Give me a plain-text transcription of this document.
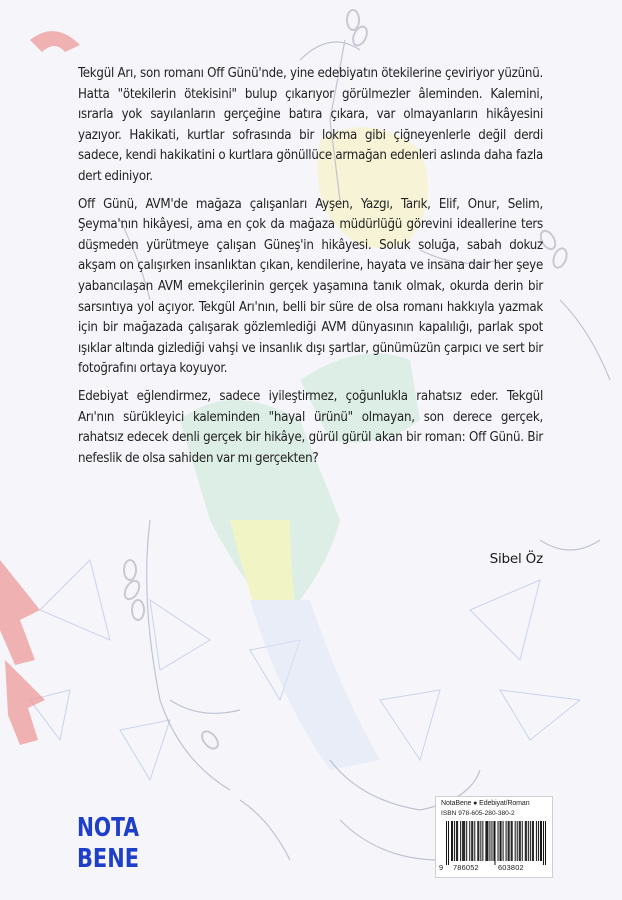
Tekgül Arı, son romanı Off Günü'nde, yine edebiyatın ötekilerine çeviriyor yüzünü. Hatta "ötekilerin ötekisini" bulup çıkarıyor görülmezler âleminden. Kalemini, ısrarla yok sayılanların gerçeğine batıra çıkara, var olmayanların hikâyesini yazıyor. Hakikati, kurtlar sofrasında bir lokma gibi çiğneyenlerle değil derdi sadece, kendi hakikatini o kurtlara gönüllüce armağan edenleri aslında daha fazla dert ediniyor.

Off Günü, AVM'de mağaza çalışanları Ayşen, Yazgı, Tarık, Elif, Onur, Selim, Şeyma'nın hikâyesi, ama en çok da mağaza müdürlüğü görevini ideallerine ters düşmeden yürütmeye çalışan Güneş'in hikâyesi. Soluk soluğa, sabah dokuz akşam on çalışırken insanlıktan çıkan, kendilerine, hayata ve insana dair her şeye yabancılaşan AVM emekçilerinin gerçek yaşamına tanık olmak, okurda derin bir sarsıntıya yol açıyor. Tekgül Arı'nın, belli bir süre de olsa romanı hakkıyla yazmak için bir mağazada çalışarak gözlemlediği AVM dünyasının kapalılığı, parlak spot ışıklar altında gizlediği vahşi ve insanlık dışı şartlar, günümüzün çarpıcı ve sert bir fotoğrafını ortaya koyuyor.

Edebiyat eğlendirmez, sadece iyileştirmez, çoğunlukla rahatsız eder. Tekgül Arı'nın sürükleyici kaleminden "hayal ürünü" olmayan, son derece gerçek, rahatsız edecek denli gerçek bir hikâye, gürül gürül akan bir roman: Off Günü. Bir nefeslik de olsa sahiden var mı gerçekten?

Sibel Öz
NOTA
BENE
NotaBene ● Edebiyat/Roman
ISBN 978-605-280-380-2
9 786052	603802
